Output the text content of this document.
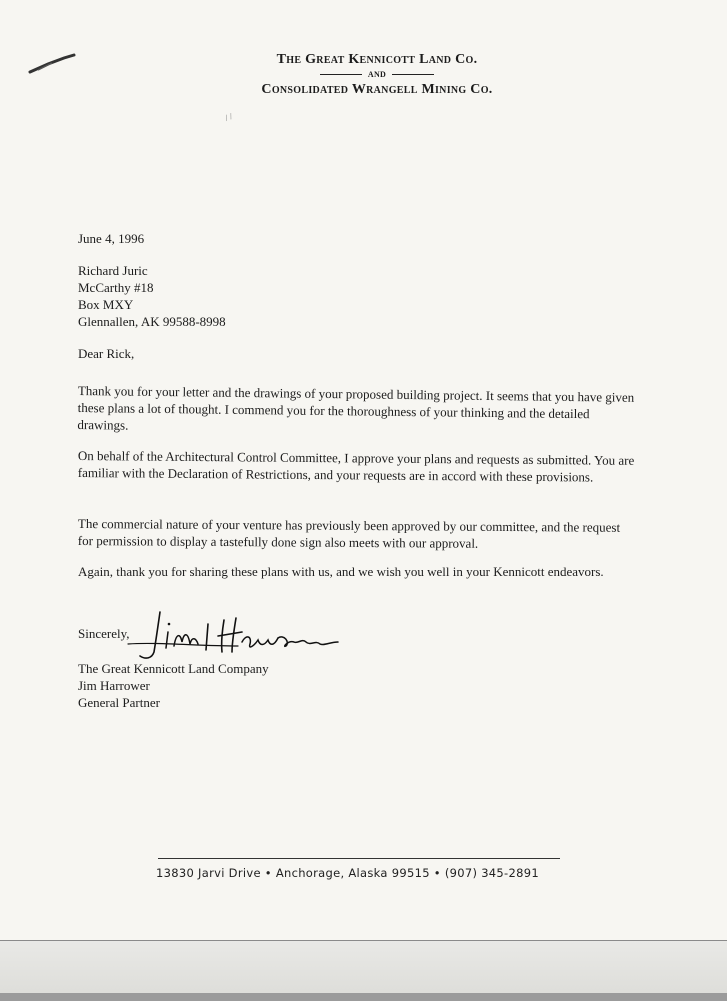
The Great Kennicott Land Co.
AND
Consolidated Wrangell Mining Co.
/ /
June 4, 1996
Richard Juric
McCarthy #18
Box MXY
Glennallen, AK 99588-8998
Dear Rick,
Thank you for your letter and the drawings of your proposed building project. It seems that you have given these plans a lot of thought. I commend you for the thoroughness of your thinking and the detailed drawings.
On behalf of the Architectural Control Committee, I approve your plans and requests as submitted. You are familiar with the Declaration of Restrictions, and your requests are in accord with these provisions.
The commercial nature of your venture has previously been approved by our committee, and the request for permission to display a tastefully done sign also meets with our approval.
Again, thank you for sharing these plans with us, and we wish you well in your Kennicott endeavors.
Sincerely,
The Great Kennicott Land Company
Jim Harrower
General Partner
13830 Jarvi Drive • Anchorage, Alaska 99515 • (907) 345-2891
